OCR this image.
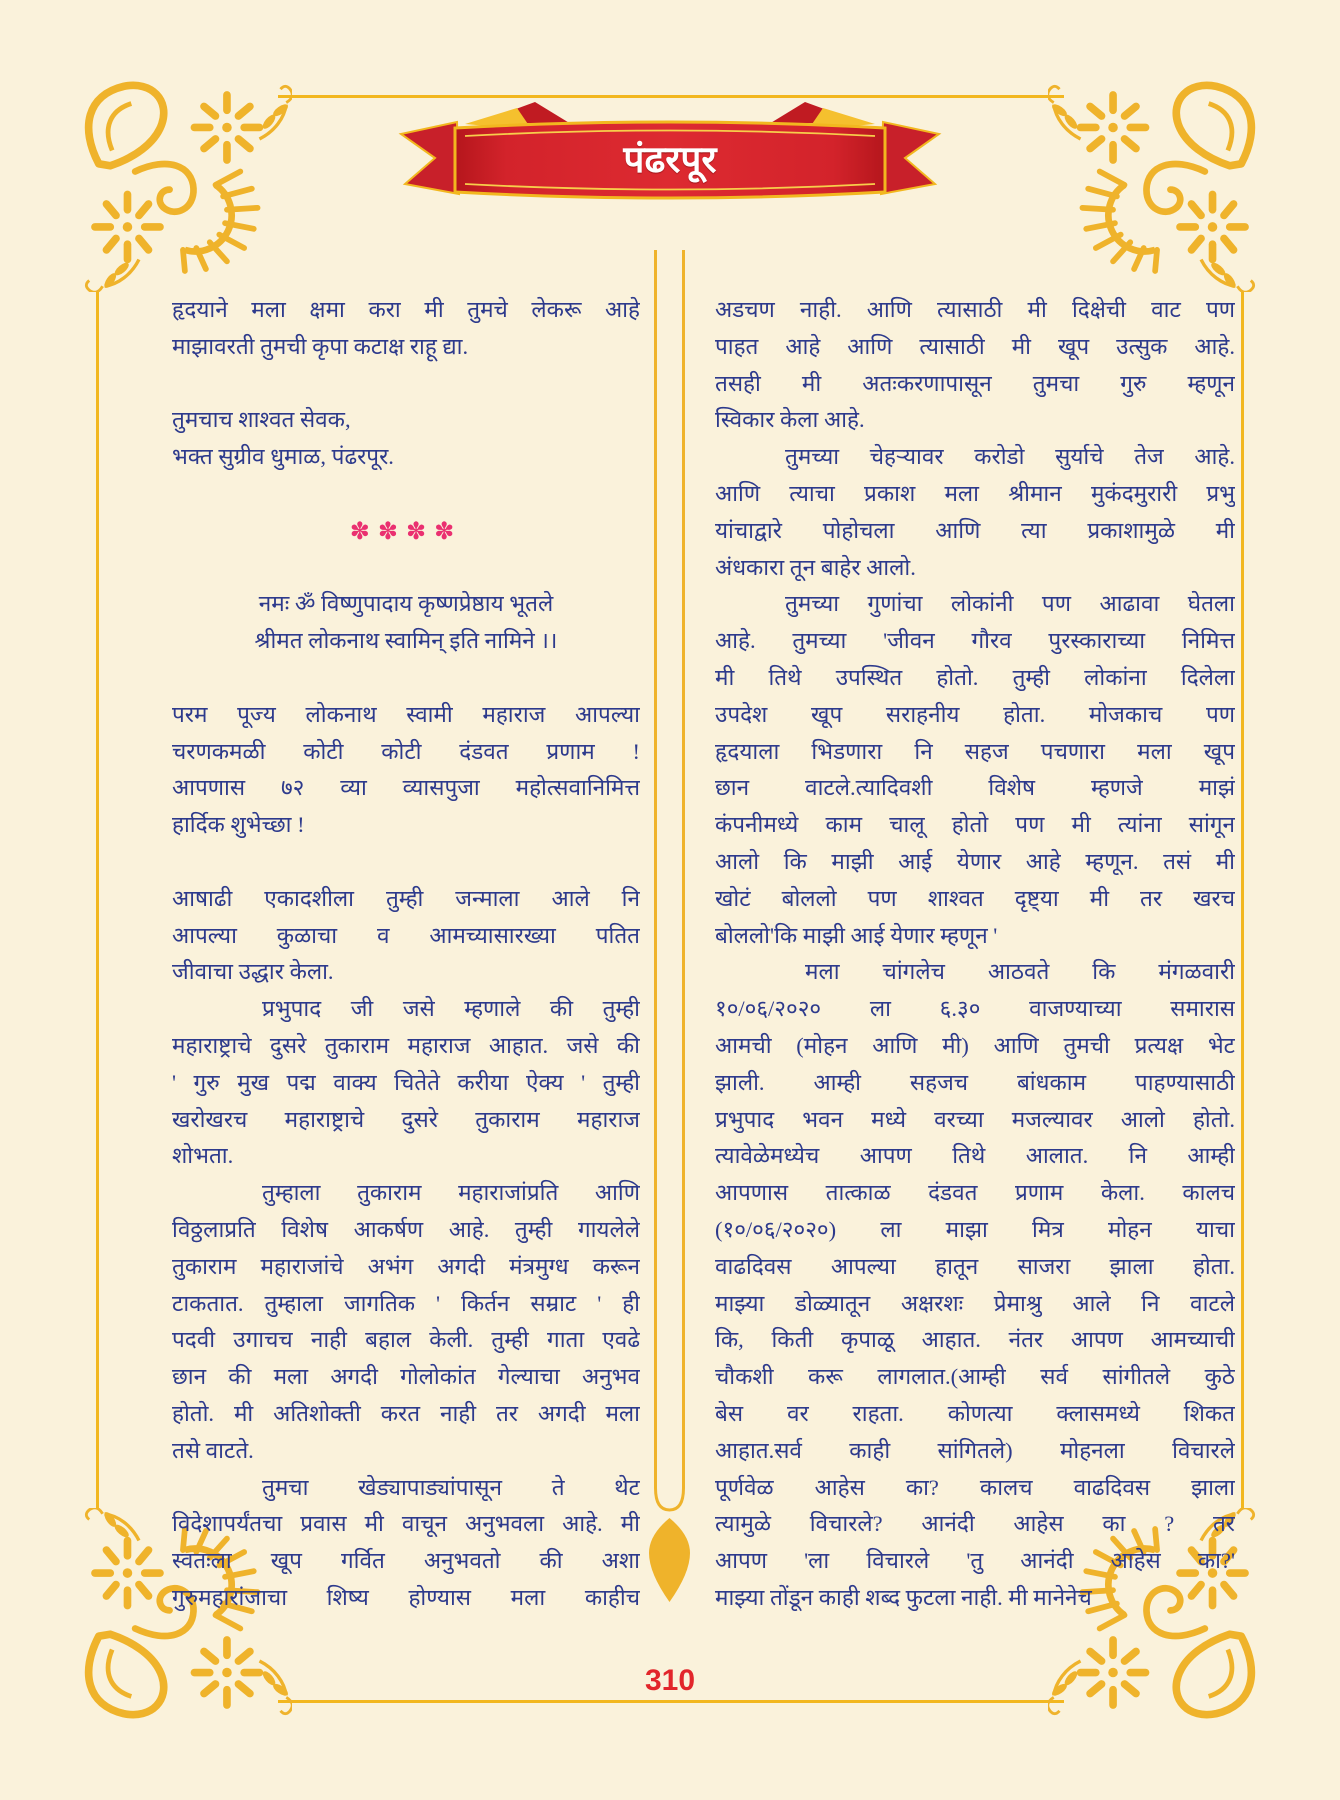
पंढरपूर
हृदयाने मला क्षमा करा मी तुमचे लेकरू आहे
माझावरती तुमची कृपा कटाक्ष राहू द्या.
तुमचाच शाश्वत सेवक,
भक्त सुग्रीव धुमाळ, पंढरपूर.
✽✽✽✽
नमः ॐ विष्णुपादाय कृष्णप्रेष्ठाय भूतले
श्रीमत लोकनाथ स्वामिन् इति नामिने ।।
परम पूज्य लोकनाथ स्वामी महाराज आपल्या
चरणकमळी कोटी कोटी दंडवत प्रणाम !
आपणास ७२ व्या व्यासपुजा महोत्सवानिमित्त
हार्दिक शुभेच्छा !
आषाढी एकादशीला तुम्ही जन्माला आले नि
आपल्या कुळाचा व आमच्यासारख्या पतित
जीवाचा उद्धार केला.
प्रभुपाद जी जसे म्हणाले की तुम्ही
महाराष्ट्राचे दुसरे तुकाराम महाराज आहात. जसे की
' गुरु मुख पद्म वाक्य चितेते करीया ऐक्य ' तुम्ही
खरोखरच महाराष्ट्राचे दुसरे तुकाराम महाराज
शोभता.
तुम्हाला तुकाराम महाराजांप्रति आणि
विठ्ठलाप्रति विशेष आकर्षण आहे. तुम्ही गायलेले
तुकाराम महाराजांचे अभंग अगदी मंत्रमुग्ध करून
टाकतात. तुम्हाला जागतिक ' किर्तन सम्राट ' ही
पदवी उगाचच नाही बहाल केली. तुम्ही गाता एवढे
छान की मला अगदी गोलोकांत गेल्याचा अनुभव
होतो. मी अतिशोक्ती करत नाही तर अगदी मला
तसे वाटते.
तुमचा खेड्यापाड्यांपासून ते थेट
विदेशापर्यंतचा प्रवास मी वाचून अनुभवला आहे. मी
स्वतःला खूप गर्वित अनुभवतो की अशा
गुरुमहारांजाचा शिष्य होण्यास मला काहीच
अडचण नाही. आणि त्यासाठी मी दिक्षेची वाट पण
पाहत आहे आणि त्यासाठी मी खूप उत्सुक आहे.
तसही मी अतःकरणापासून तुमचा गुरु म्हणून
स्विकार केला आहे.
तुमच्या चेहऱ्यावर करोडो सुर्याचे तेज आहे.
आणि त्याचा प्रकाश मला श्रीमान मुकंदमुरारी प्रभु
यांचाद्वारे पोहोचला आणि त्या प्रकाशामुळे मी
अंधकारा तून बाहेर आलो.
तुमच्या गुणांचा लोकांनी पण आढावा घेतला
आहे. तुमच्या 'जीवन गौरव पुरस्काराच्या निमित्त
मी तिथे उपस्थित होतो. तुम्ही लोकांना दिलेला
उपदेश खूप सराहनीय होता. मोजकाच पण
हृदयाला भिडणारा नि सहज पचणारा मला खूप
छान वाटले.त्यादिवशी विशेष म्हणजे माझं
कंपनीमध्ये काम चालू होतो पण मी त्यांना सांगून
आलो कि माझी आई येणार आहे म्हणून. तसं मी
खोटं बोललो पण शाश्वत दृष्ट्या मी तर खरच
बोललो'कि माझी आई येणार म्हणून '
मला चांगलेच आठवते कि मंगळवारी
१०/०६/२०२० ला ६.३० वाजण्याच्या समारास
आमची (मोहन आणि मी) आणि तुमची प्रत्यक्ष भेट
झाली. आम्ही सहजच बांधकाम पाहण्यासाठी
प्रभुपाद भवन मध्ये वरच्या मजल्यावर आलो होतो.
त्यावेळेमध्येच आपण तिथे आलात. नि आम्ही
आपणास तात्काळ दंडवत प्रणाम केला. कालच
(१०/०६/२०२०) ला माझा मित्र मोहन याचा
वाढदिवस आपल्या हातून साजरा झाला होता.
माझ्या डोळ्यातून अक्षरशः प्रेमाश्रु आले नि वाटले
कि, किती कृपाळू आहात. नंतर आपण आमच्याची
चौकशी करू लागलात.(आम्ही सर्व सांगीतले कुठे
बेस वर राहता. कोणत्या क्लासमध्ये शिकत
आहात.सर्व काही सांगितले) मोहनला विचारले
पूर्णवेळ आहेस का? कालच वाढदिवस झाला
त्यामुळे विचारले? आनंदी आहेस का ? तर
आपण 'ला विचारले 'तु आनंदी आहेस का?'
माझ्या तोंडून काही शब्द फुटला नाही. मी मानेनेच
310
